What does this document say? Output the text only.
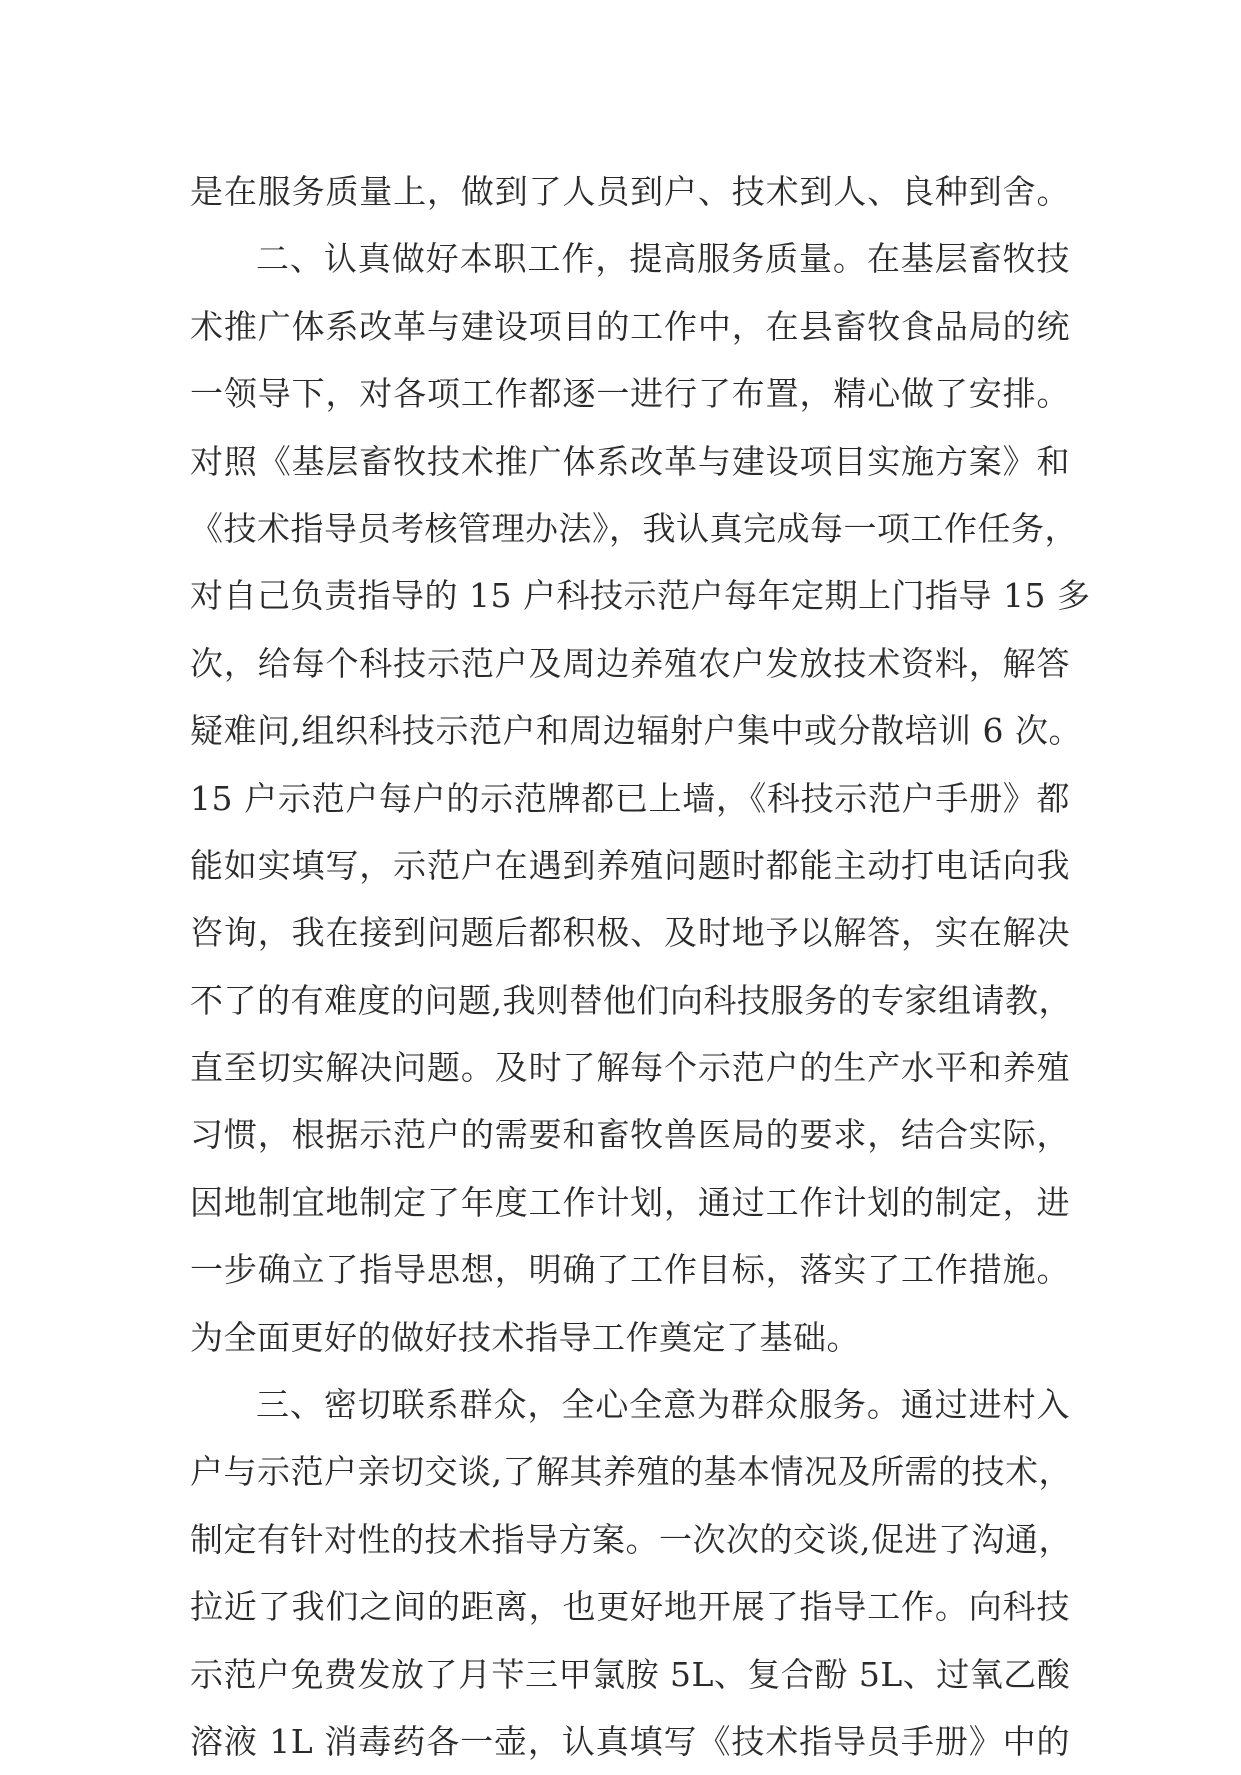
是在服务质量上，做到了人员到户、技术到人、良种到舍。
二、认真做好本职工作，提高服务质量。在基层畜牧技
术推广体系改革与建设项目的工作中，在县畜牧食品局的统
一领导下，对各项工作都逐一进行了布置，精心做了安排。
对照《基层畜牧技术推广体系改革与建设项目实施方案》和
《技术指导员考核管理办法》，我认真完成每一项工作任务，
对自己负责指导的 15 户科技示范户每年定期上门指导 15 多
次，给每个科技示范户及周边养殖农户发放技术资料，解答
疑难问,组织科技示范户和周边辐射户集中或分散培训 6 次。
15 户示范户每户的示范牌都已上墙，《科技示范户手册》都
能如实填写，示范户在遇到养殖问题时都能主动打电话向我
咨询，我在接到问题后都积极、及时地予以解答，实在解决
不了的有难度的问题,我则替他们向科技服务的专家组请教，
直至切实解决问题。及时了解每个示范户的生产水平和养殖
习惯，根据示范户的需要和畜牧兽医局的要求，结合实际，
因地制宜地制定了年度工作计划，通过工作计划的制定，进
一步确立了指导思想，明确了工作目标，落实了工作措施。
为全面更好的做好技术指导工作奠定了基础。
三、密切联系群众，全心全意为群众服务。通过进村入
户与示范户亲切交谈,了解其养殖的基本情况及所需的技术，
制定有针对性的技术指导方案。一次次的交谈,促进了沟通，
拉近了我们之间的距离，也更好地开展了指导工作。向科技
示范户免费发放了月苄三甲氯胺 5L、复合酚 5L、过氧乙酸
溶液 1L 消毒药各一壶，认真填写《技术指导员手册》中的
